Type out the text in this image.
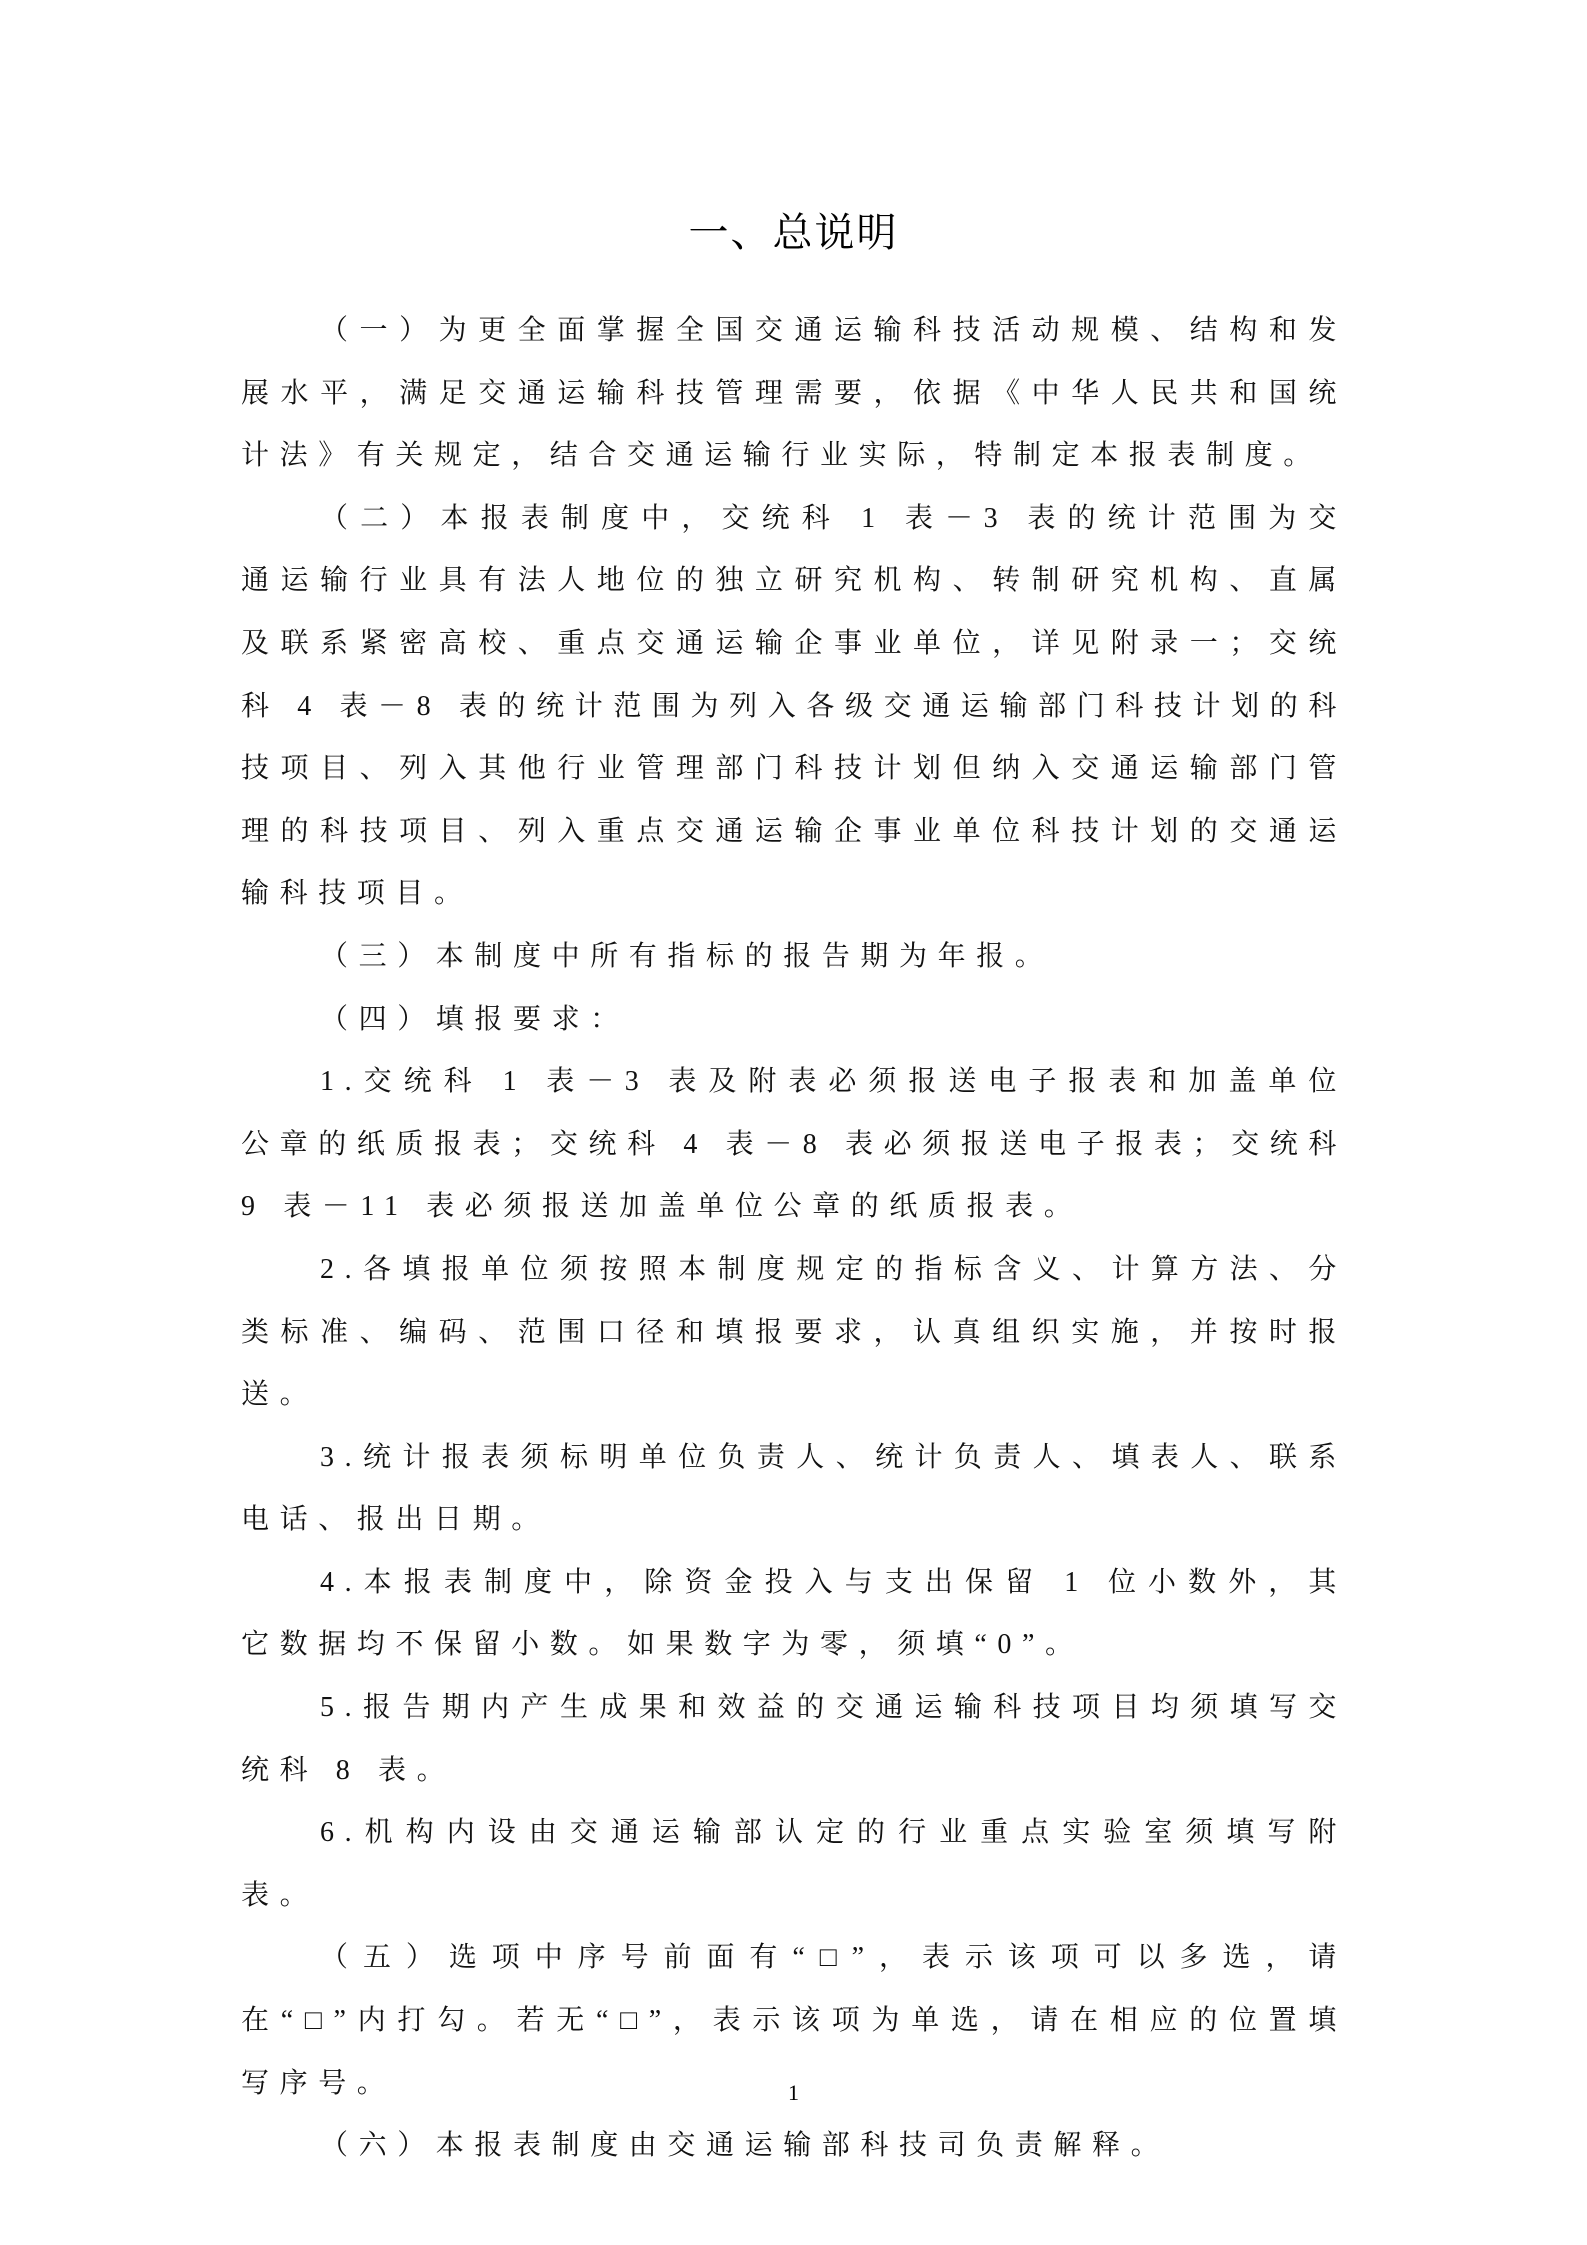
一、总说明

（一）为更全面掌握全国交通运输科技活动规模、结构和发展水平，满足交通运输科技管理需要，依据《中华人民共和国统计法》有关规定，结合交通运输行业实际，特制定本报表制度。

（二）本报表制度中，交统科 1 表－3 表的统计范围为交通运输行业具有法人地位的独立研究机构、转制研究机构、直属及联系紧密高校、重点交通运输企事业单位，详见附录一；交统科 4 表－8 表的统计范围为列入各级交通运输部门科技计划的科技项目、列入其他行业管理部门科技计划但纳入交通运输部门管理的科技项目、列入重点交通运输企事业单位科技计划的交通运输科技项目。

（三）本制度中所有指标的报告期为年报。

（四）填报要求：

1.交统科 1 表－3 表及附表必须报送电子报表和加盖单位公章的纸质报表；交统科 4 表－8 表必须报送电子报表；交统科 9 表－11 表必须报送加盖单位公章的纸质报表。

2.各填报单位须按照本制度规定的指标含义、计算方法、分类标准、编码、范围口径和填报要求，认真组织实施，并按时报送。

3.统计报表须标明单位负责人、统计负责人、填表人、联系电话、报出日期。

4.本报表制度中，除资金投入与支出保留 1 位小数外，其它数据均不保留小数。如果数字为零，须填“0”。

5.报告期内产生成果和效益的交通运输科技项目均须填写交统科 8 表。

6.机构内设由交通运输部认定的行业重点实验室须填写附表。

（五）选项中序号前面有“□”，表示该项可以多选，请在“□”内打勾。若无“□”，表示该项为单选，请在相应的位置填写序号。

（六）本报表制度由交通运输部科技司负责解释。

1
